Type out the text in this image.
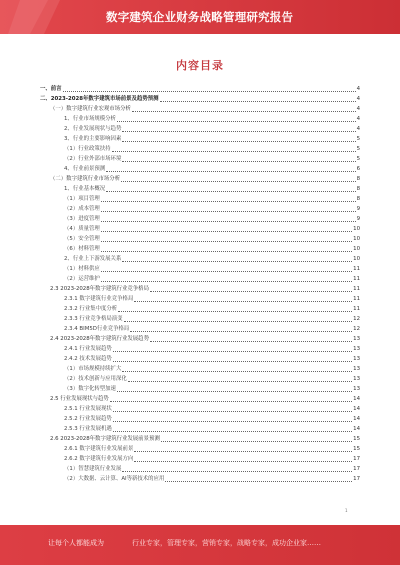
数字建筑企业财务战略管理研究报告
内容目录
一、前言	4
二、2023-2028年数字建筑市场前景及趋势预测	4
（一）数字建筑行业宏观市场分析	4
1、行业市场规模分析	4
2、行业发展现状与趋势	4
3、行业的主要影响因素	5
（1）行业政策扶持	5
（2）行业外部市场环境	5
4、行业前景预测	6
（二）数字建筑行业市场分析	8
1、行业基本概况	8
（1）项目管理	8
（2）成本管理	9
（3）进度管理	9
（4）质量管理	10
（5）安全管理	10
（6）材料管理	10
2、行业上下游发展关系	10
（1）材料供应	11
（2）运营维护	11
2.3 2023-2028年数字建筑行业竞争格局	11
2.3.1 数字建筑行业竞争格局	11
2.3.2 行业集中度分析	11
2.3.3 行业竞争格局演变	12
2.3.4 BIM5D行业竞争格局	12
2.4 2023-2028年数字建筑行业发展趋势	13
2.4.1 行业发展趋势	13
2.4.2 技术发展趋势	13
（1）市场规模持续扩大	13
（2）技术创新与应用深化	13
（3）数字化转型加速	13
2.5 行业发展现状与趋势	14
2.5.1 行业发展现状	14
2.5.2 行业发展趋势	14
2.5.3 行业发展机遇	14
2.6 2023-2028年数字建筑行业发展前景预测	15
2.6.1 数字建筑行业发展前景	15
2.6.2 数字建筑行业发展方向	17
（1）智慧建筑行业发展	17
（2）大数据、云计算、AI等新技术的应用	17
1
让每个人都能成为	行业专家，管理专家，营销专家，战略专家，成功企业家……
